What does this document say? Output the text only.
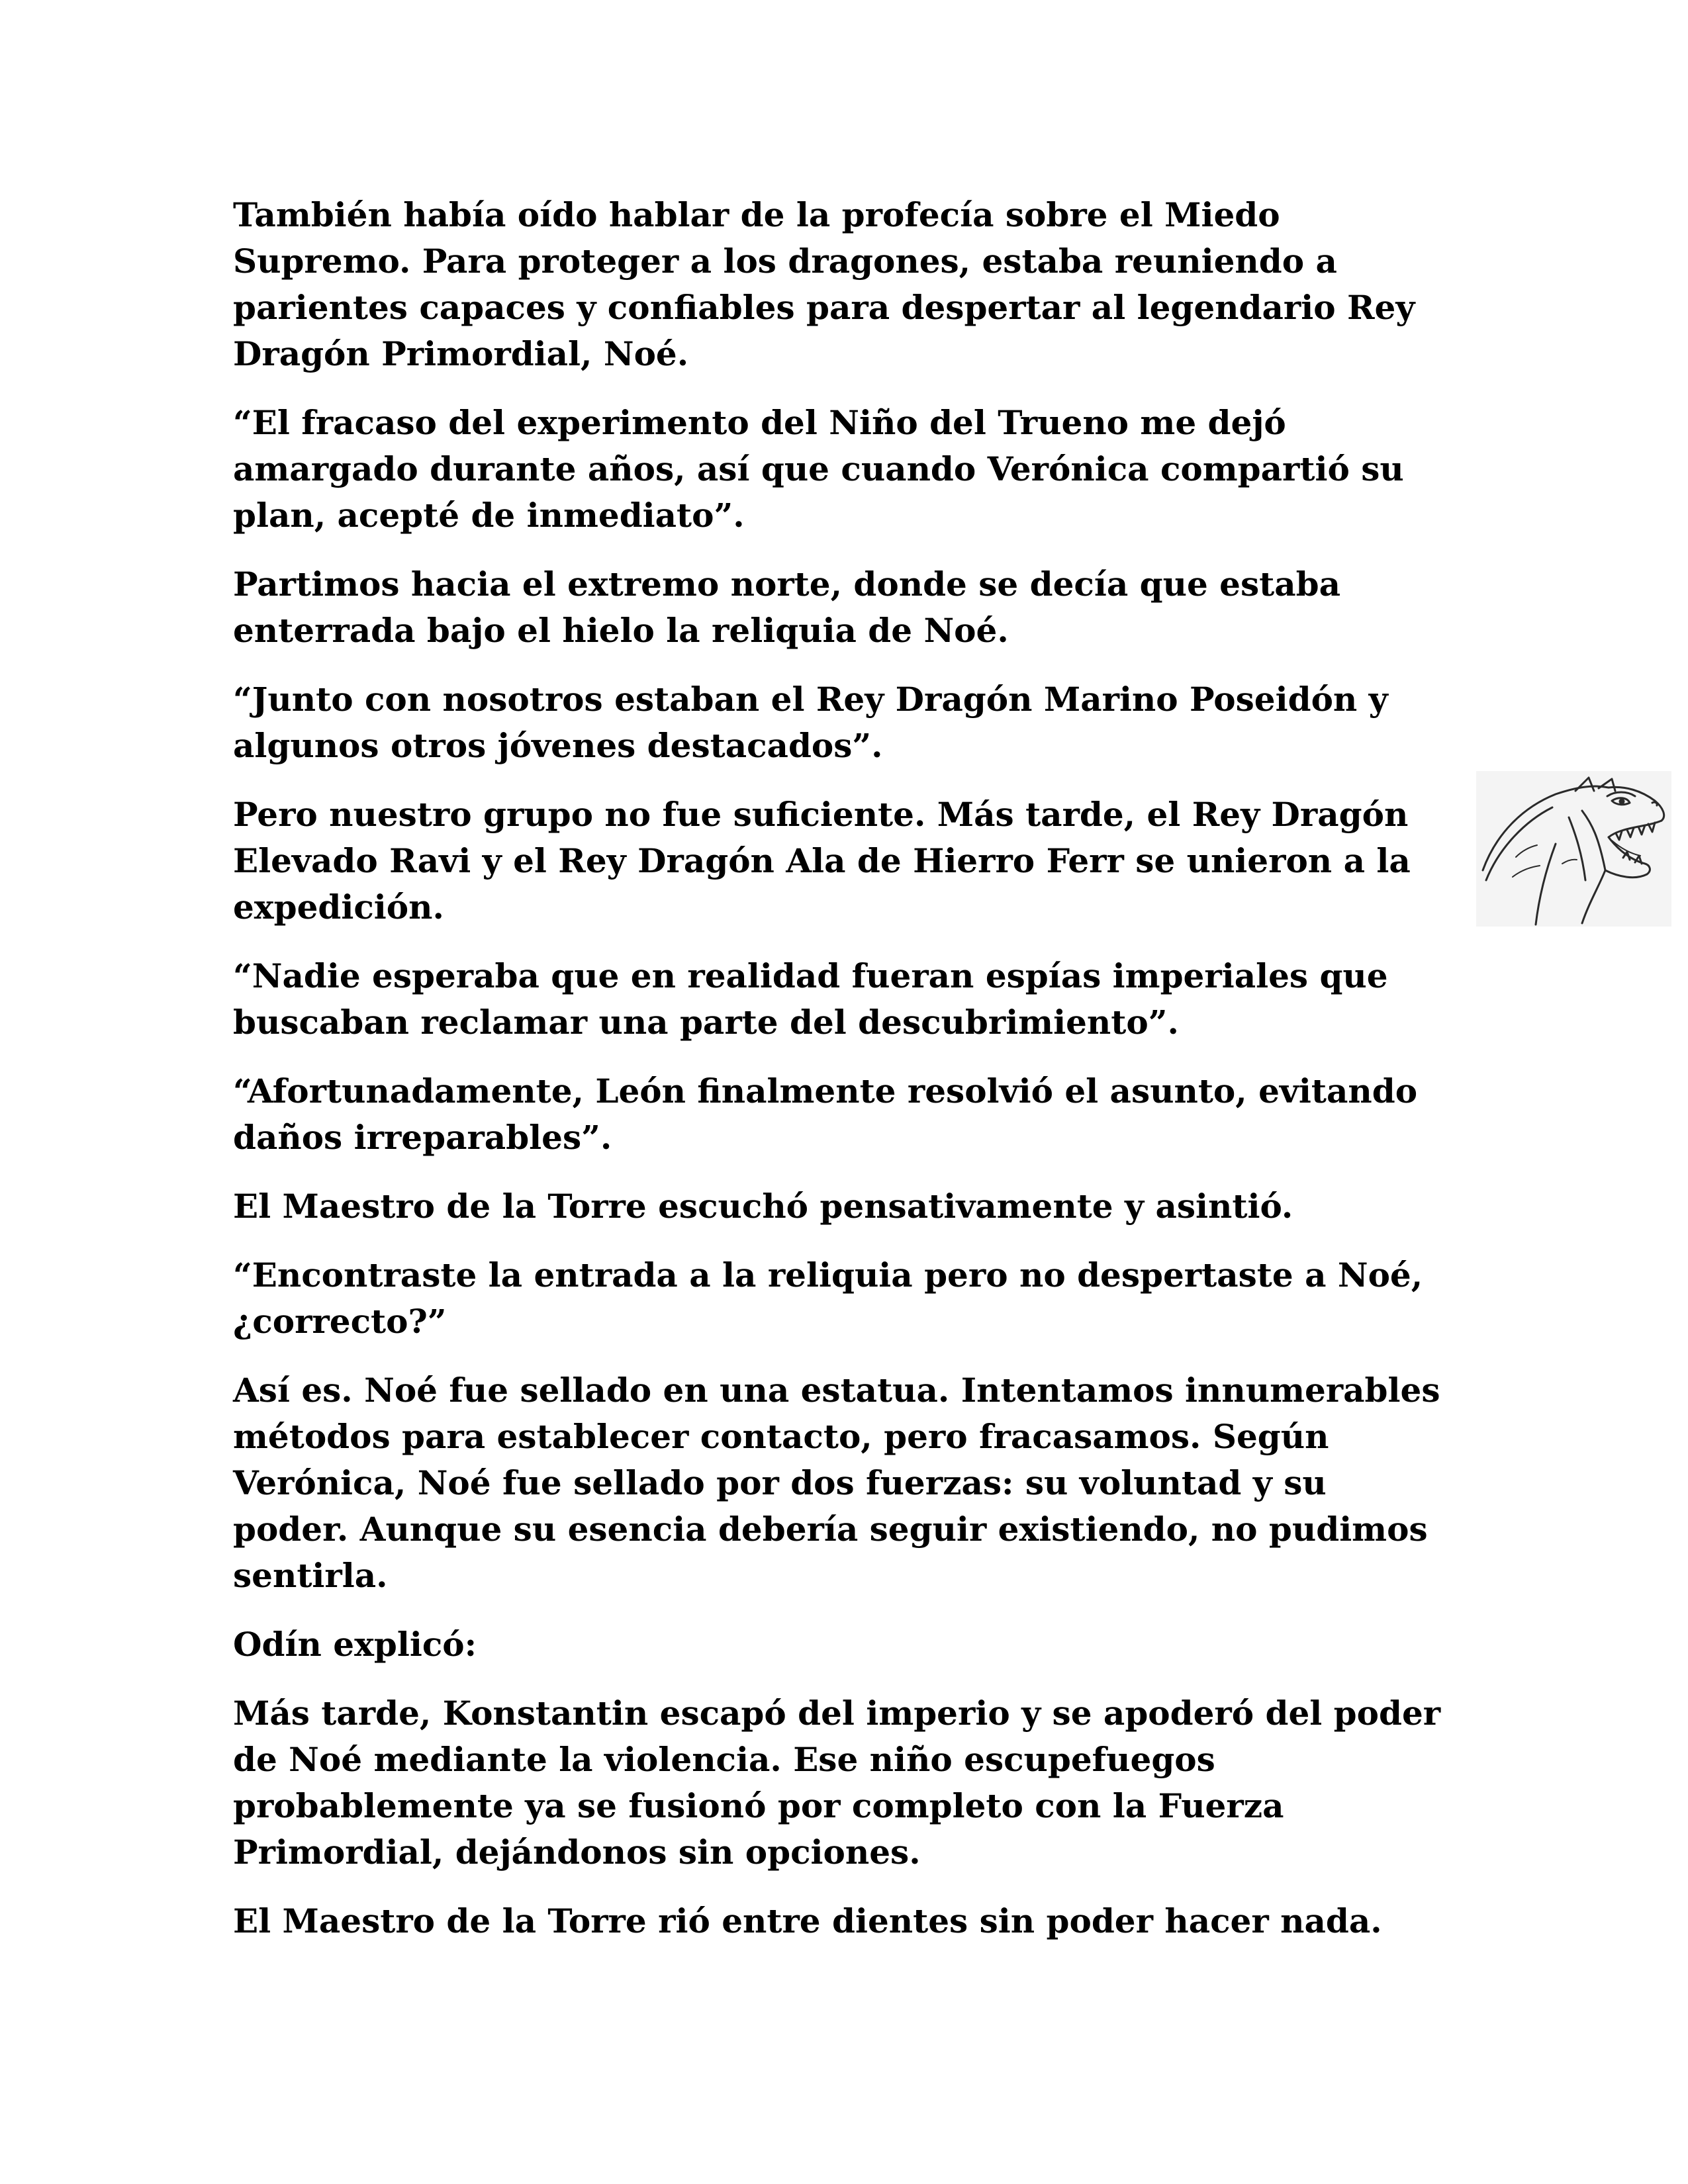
También había oído hablar de la profecía sobre el Miedo Supremo. Para proteger a los dragones, estaba reuniendo a parientes capaces y confiables para despertar al legendario Rey Dragón Primordial, Noé.

“El fracaso del experimento del Niño del Trueno me dejó amargado durante años, así que cuando Verónica compartió su plan, acepté de inmediato”.

Partimos hacia el extremo norte, donde se decía que estaba enterrada bajo el hielo la reliquia de Noé.

“Junto con nosotros estaban el Rey Dragón Marino Poseidón y algunos otros jóvenes destacados”.

Pero nuestro grupo no fue suficiente. Más tarde, el Rey Dragón Elevado Ravi y el Rey Dragón Ala de Hierro Ferr se unieron a la expedición.

“Nadie esperaba que en realidad fueran espías imperiales que buscaban reclamar una parte del descubrimiento”.

“Afortunadamente, León finalmente resolvió el asunto, evitando daños irreparables”.

El Maestro de la Torre escuchó pensativamente y asintió.

“Encontraste la entrada a la reliquia pero no despertaste a Noé, ¿correcto?”

Así es. Noé fue sellado en una estatua. Intentamos innumerables métodos para establecer contacto, pero fracasamos. Según Verónica, Noé fue sellado por dos fuerzas: su voluntad y su poder. Aunque su esencia debería seguir existiendo, no pudimos sentirla.

Odín explicó:

Más tarde, Konstantin escapó del imperio y se apoderó del poder de Noé mediante la violencia. Ese niño escupefuegos probablemente ya se fusionó por completo con la Fuerza Primordial, dejándonos sin opciones.

El Maestro de la Torre rió entre dientes sin poder hacer nada.
